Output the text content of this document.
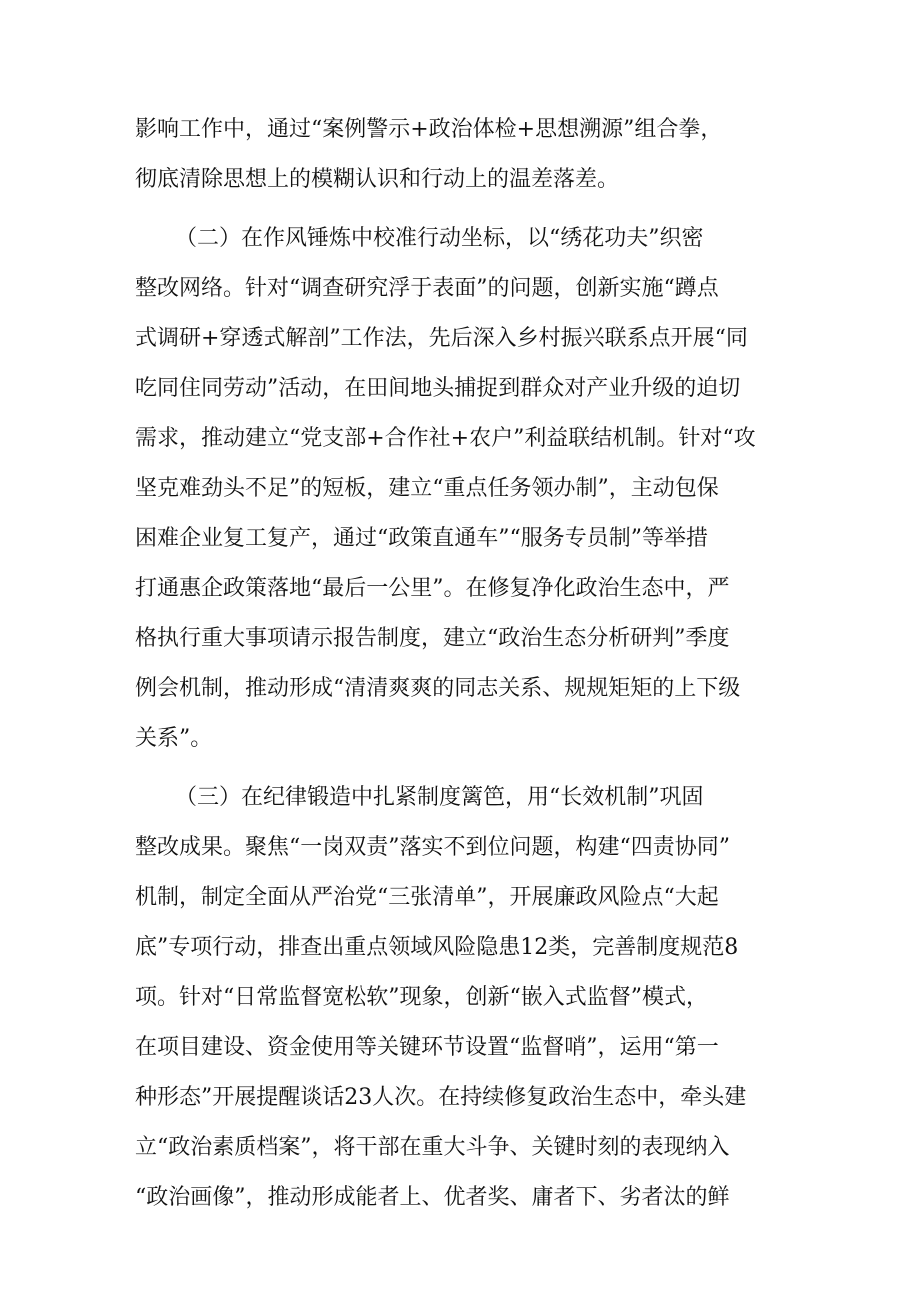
影响工作中，通过“案例警示+政治体检+思想溯源”组合拳，
彻底清除思想上的模糊认识和行动上的温差落差。
（二）在作风锤炼中校准行动坐标，以“绣花功夫”织密
整改网络。针对“调查研究浮于表面”的问题，创新实施“蹲点
式调研+穿透式解剖”工作法，先后深入乡村振兴联系点开展“同
吃同住同劳动”活动，在田间地头捕捉到群众对产业升级的迫切
需求，推动建立“党支部+合作社+农户”利益联结机制。针对“攻
坚克难劲头不足”的短板，建立“重点任务领办制”，主动包保
困难企业复工复产，通过“政策直通车”“服务专员制”等举措
打通惠企政策落地“最后一公里”。在修复净化政治生态中，严
格执行重大事项请示报告制度，建立“政治生态分析研判”季度
例会机制，推动形成“清清爽爽的同志关系、规规矩矩的上下级
关系”。
（三）在纪律锻造中扎紧制度篱笆，用“长效机制”巩固
整改成果。聚焦“一岗双责”落实不到位问题，构建“四责协同”
机制，制定全面从严治党“三张清单”，开展廉政风险点“大起
底”专项行动，排查出重点领域风险隐患12类，完善制度规范8
项。针对“日常监督宽松软”现象，创新“嵌入式监督”模式，
在项目建设、资金使用等关键环节设置“监督哨”，运用“第一
种形态”开展提醒谈话23人次。在持续修复政治生态中，牵头建
立“政治素质档案”，将干部在重大斗争、关键时刻的表现纳入
“政治画像”，推动形成能者上、优者奖、庸者下、劣者汰的鲜
